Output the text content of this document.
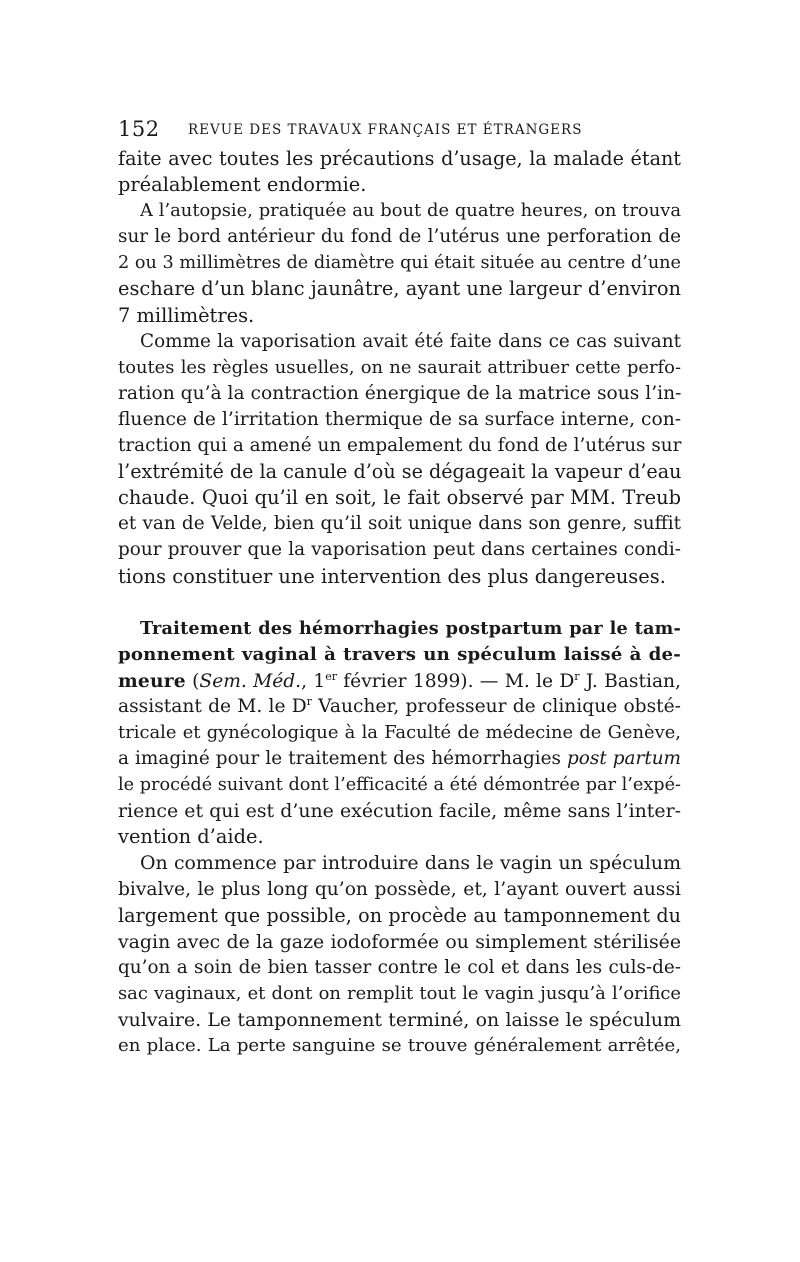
152 REVUE DES TRAVAUX FRANÇAIS ET ÉTRANGERS
faite avec toutes les précautions d’usage, la malade étant
préalablement endormie.
A l’autopsie, pratiquée au bout de quatre heures, on trouva
sur le bord antérieur du fond de l’utérus une perforation de
2 ou 3 millimètres de diamètre qui était située au centre d’une
eschare d’un blanc jaunâtre, ayant une largeur d’environ
7 millimètres.
Comme la vaporisation avait été faite dans ce cas suivant
toutes les règles usuelles, on ne saurait attribuer cette perfo-
ration qu’à la contraction énergique de la matrice sous l’in-
fluence de l’irritation thermique de sa surface interne, con-
traction qui a amené un empalement du fond de l’utérus sur
l’extrémité de la canule d’où se dégageait la vapeur d’eau
chaude. Quoi qu’il en soit, le fait observé par MM. Treub
et van de Velde, bien qu’il soit unique dans son genre, suffit
pour prouver que la vaporisation peut dans certaines condi-
tions constituer une intervention des plus dangereuses.
Traitement des hémorrhagies postpartum par le tam-
ponnement vaginal à travers un spéculum laissé à de-
meure (Sem. Méd., 1er février 1899). — M. le $D^r$ J. Bastian,
assistant de M. le $D^r$ Vaucher, professeur de clinique obsté-
tricale et gynécologique à la Faculté de médecine de Genève,
a imaginé pour le traitement des hémorrhagies post partum
le procédé suivant dont l’efficacité a été démontrée par l’expé-
rience et qui est d’une exécution facile, même sans l’inter-
vention d’aide.
On commence par introduire dans le vagin un spéculum
bivalve, le plus long qu’on possède, et, l’ayant ouvert aussi
largement que possible, on procède au tamponnement du
vagin avec de la gaze iodoformée ou simplement stérilisée
qu’on a soin de bien tasser contre le col et dans les culs-de-
sac vaginaux, et dont on remplit tout le vagin jusqu’à l’orifice
vulvaire. Le tamponnement terminé, on laisse le spéculum
en place. La perte sanguine se trouve généralement arrêtée,
